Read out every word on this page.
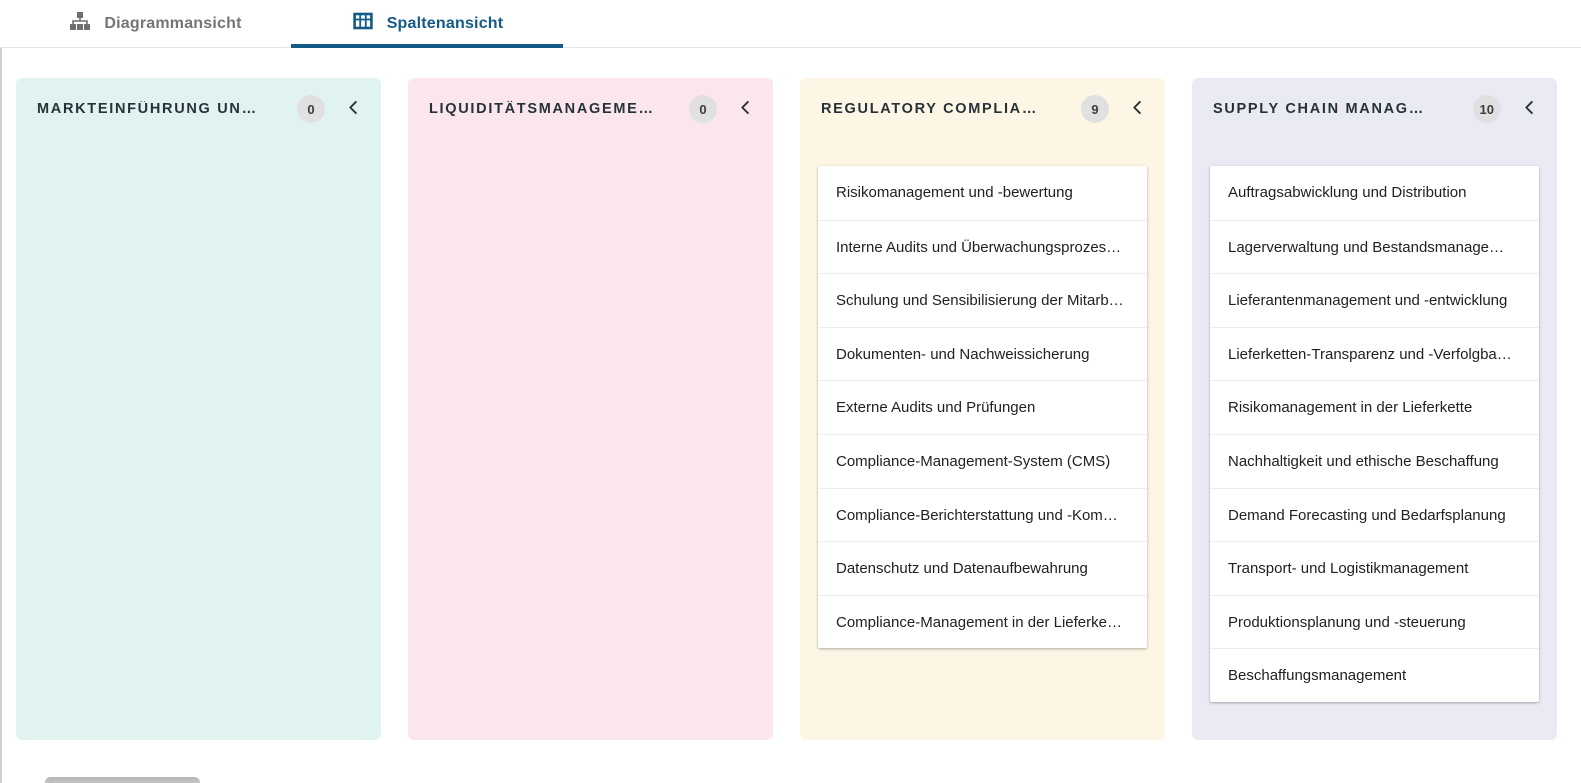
Diagrammansicht	Spaltenansicht
MARKTEINFÜHRUNG UN…	0	LIQUIDITÄTSMANAGEME…	0	REGULATORY COMPLIA…	9
Risikomanagement und -bewertung
Interne Audits und Überwachungsprozes…
Schulung und Sensibilisierung der Mitarb…
Dokumenten- und Nachweissicherung
Externe Audits und Prüfungen
Compliance-Management-System (CMS)
Compliance-Berichterstattung und -Kom…
Datenschutz und Datenaufbewahrung
Compliance-Management in der Lieferke…
SUPPLY CHAIN MANAG…	10
Auftragsabwicklung und Distribution
Lagerverwaltung und Bestandsmanage…
Lieferantenmanagement und -entwicklung
Lieferketten-Transparenz und -Verfolgba…
Risikomanagement in der Lieferkette
Nachhaltigkeit und ethische Beschaffung
Demand Forecasting und Bedarfsplanung
Transport- und Logistikmanagement
Produktionsplanung und -steuerung
Beschaffungsmanagement
